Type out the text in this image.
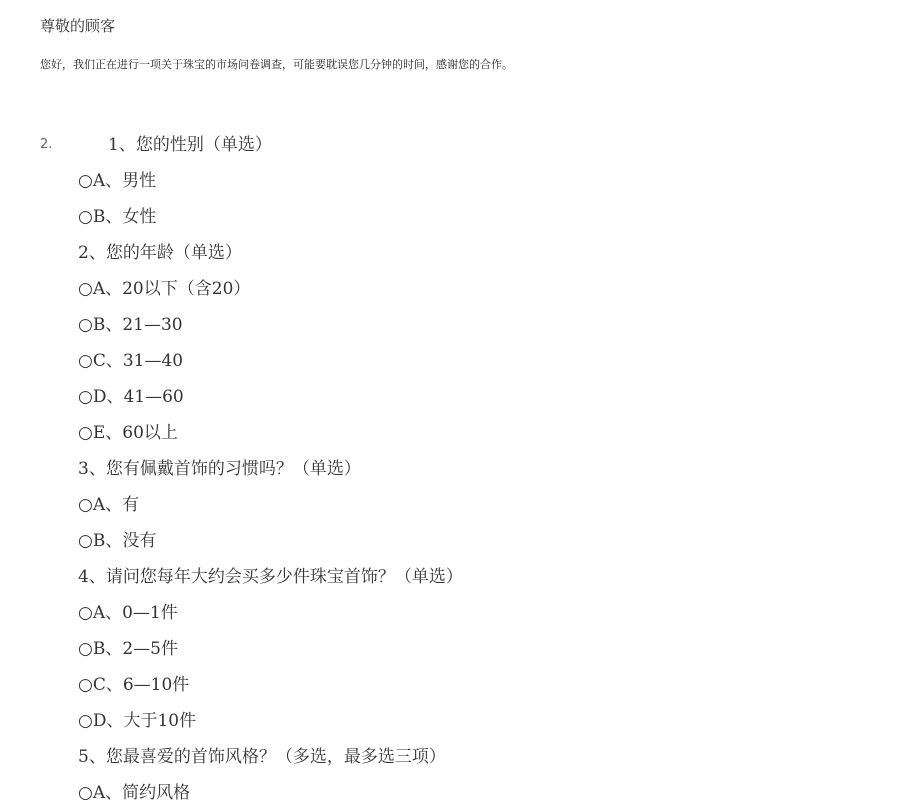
尊敬的顾客
您好，我们正在进行一项关于珠宝的市场问卷调查，可能要耽误您几分钟的时间，感谢您的合作。
2.	1、您的性别（单选）
○A、男性
○B、女性
2、您的年龄（单选）
○A、20以下（含20）
○B、21—30
○C、31—40
○D、41—60
○E、60以上
3、您有佩戴首饰的习惯吗？（单选）
○A、有
○B、没有
4、请问您每年大约会买多少件珠宝首饰？（单选）
○A、0—1件
○B、2—5件
○C、6—10件
○D、大于10件
5、您最喜爱的首饰风格？（多选，最多选三项）
○A、简约风格
